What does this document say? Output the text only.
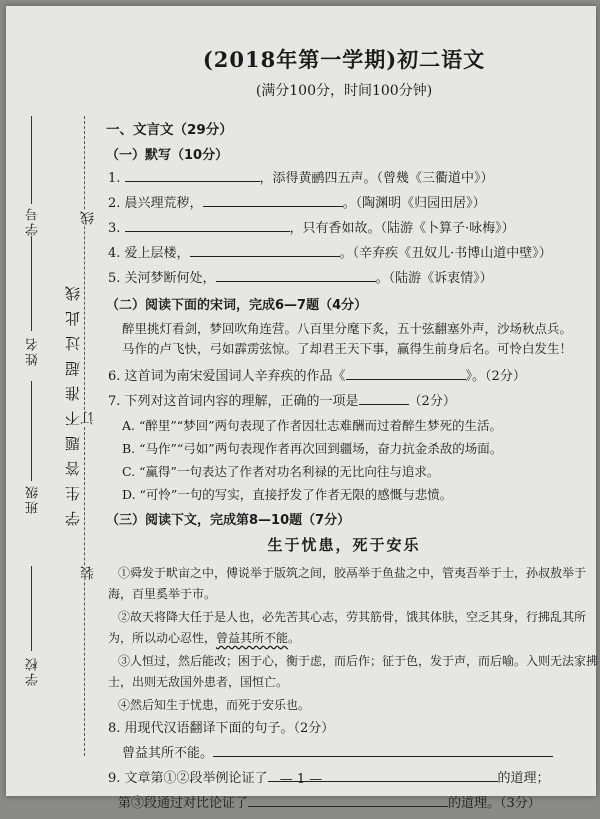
学校
班级
姓名
学号
装
订
线
学生答题不准超过此线

(2018年第一学期)初二语文

(满分100分，时间100分钟)

一、文言文（29分）
（一）默写（10分）
1.	，添得黄鹂四五声。（曾幾《三衢道中》）
2. 晨兴理荒秽，	。（陶渊明《归园田居》）
3.	，只有香如故。（陆游《卜算子·咏梅》）
4. 爱上层楼，	。（辛弃疾《丑奴儿·书博山道中壁》）
5. 关河梦断何处，	。（陆游《诉衷情》）
（二）阅读下面的宋词，完成6—7题（4分）
醉里挑灯看剑，梦回吹角连营。八百里分麾下炙，五十弦翻塞外声，沙场秋点兵。
马作的卢飞快，弓如霹雳弦惊。了却君王天下事，赢得生前身后名。可怜白发生！
6. 这首词为南宋爱国词人辛弃疾的作品《	》。（2分）
7. 下列对这首词内容的理解，正确的一项是	（2分）
A. “醉里”“梦回”两句表现了作者因壮志难酬而过着醉生梦死的生活。
B. “马作”“弓如”两句表现作者再次回到疆场，奋力抗金杀敌的场面。
C. “赢得”一句表达了作者对功名利禄的无比向往与追求。
D. “可怜”一句的写实，直接抒发了作者无限的感慨与悲愤。
（三）阅读下文，完成第8—10题（7分）
生于忧患，死于安乐
①舜发于畎亩之中，傅说举于版筑之间，胶鬲举于鱼盐之中，管夷吾举于士，孙叔敖举于
海，百里奚举于市。
②故天将降大任于是人也，必先苦其心志，劳其筋骨，饿其体肤，空乏其身，行拂乱其所
为，所以动心忍性，曾益其所不能。
③人恒过，然后能改；困于心，衡于虑，而后作；征于色，发于声，而后喻。入则无法家拂
士，出则无敌国外患者，国恒亡。
④然后知生于忧患，而死于安乐也。
8. 用现代汉语翻译下面的句子。（2分）
曾益其所不能。
9. 文章第①②段举例论证了	的道理；
第③段通过对比论证了	的道理。（3分）
— 1 —
